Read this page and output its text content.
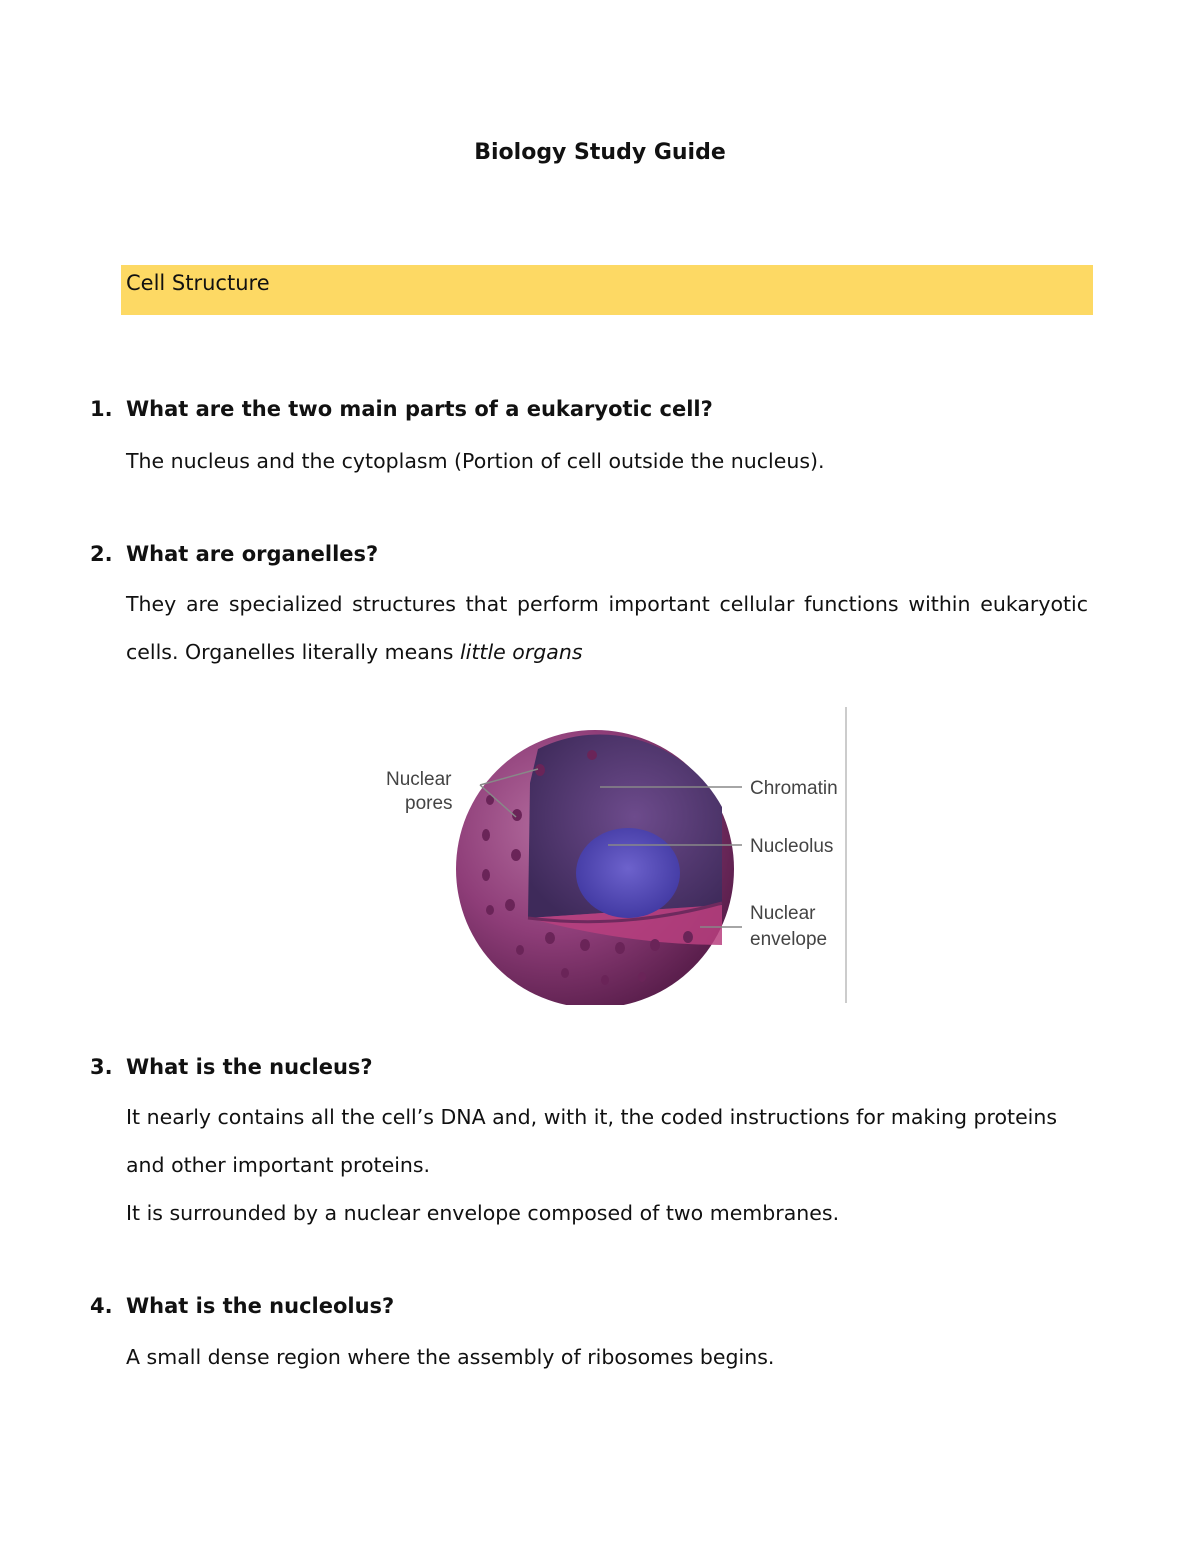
Biology Study Guide
Cell Structure
1. What are the two main parts of a eukaryotic cell?
The nucleus and the cytoplasm (Portion of cell outside the nucleus).
2. What are organelles?
They are specialized structures that perform important cellular functions within eukaryotic cells. Organelles literally means little organs
Nuclear
pores
Chromatin
Nucleolus
Nuclear
envelope
3. What is the nucleus?
It nearly contains all the cell’s DNA and, with it, the coded instructions for making proteins and other important proteins.
It is surrounded by a nuclear envelope composed of two membranes.
4. What is the nucleolus?
A small dense region where the assembly of ribosomes begins.
